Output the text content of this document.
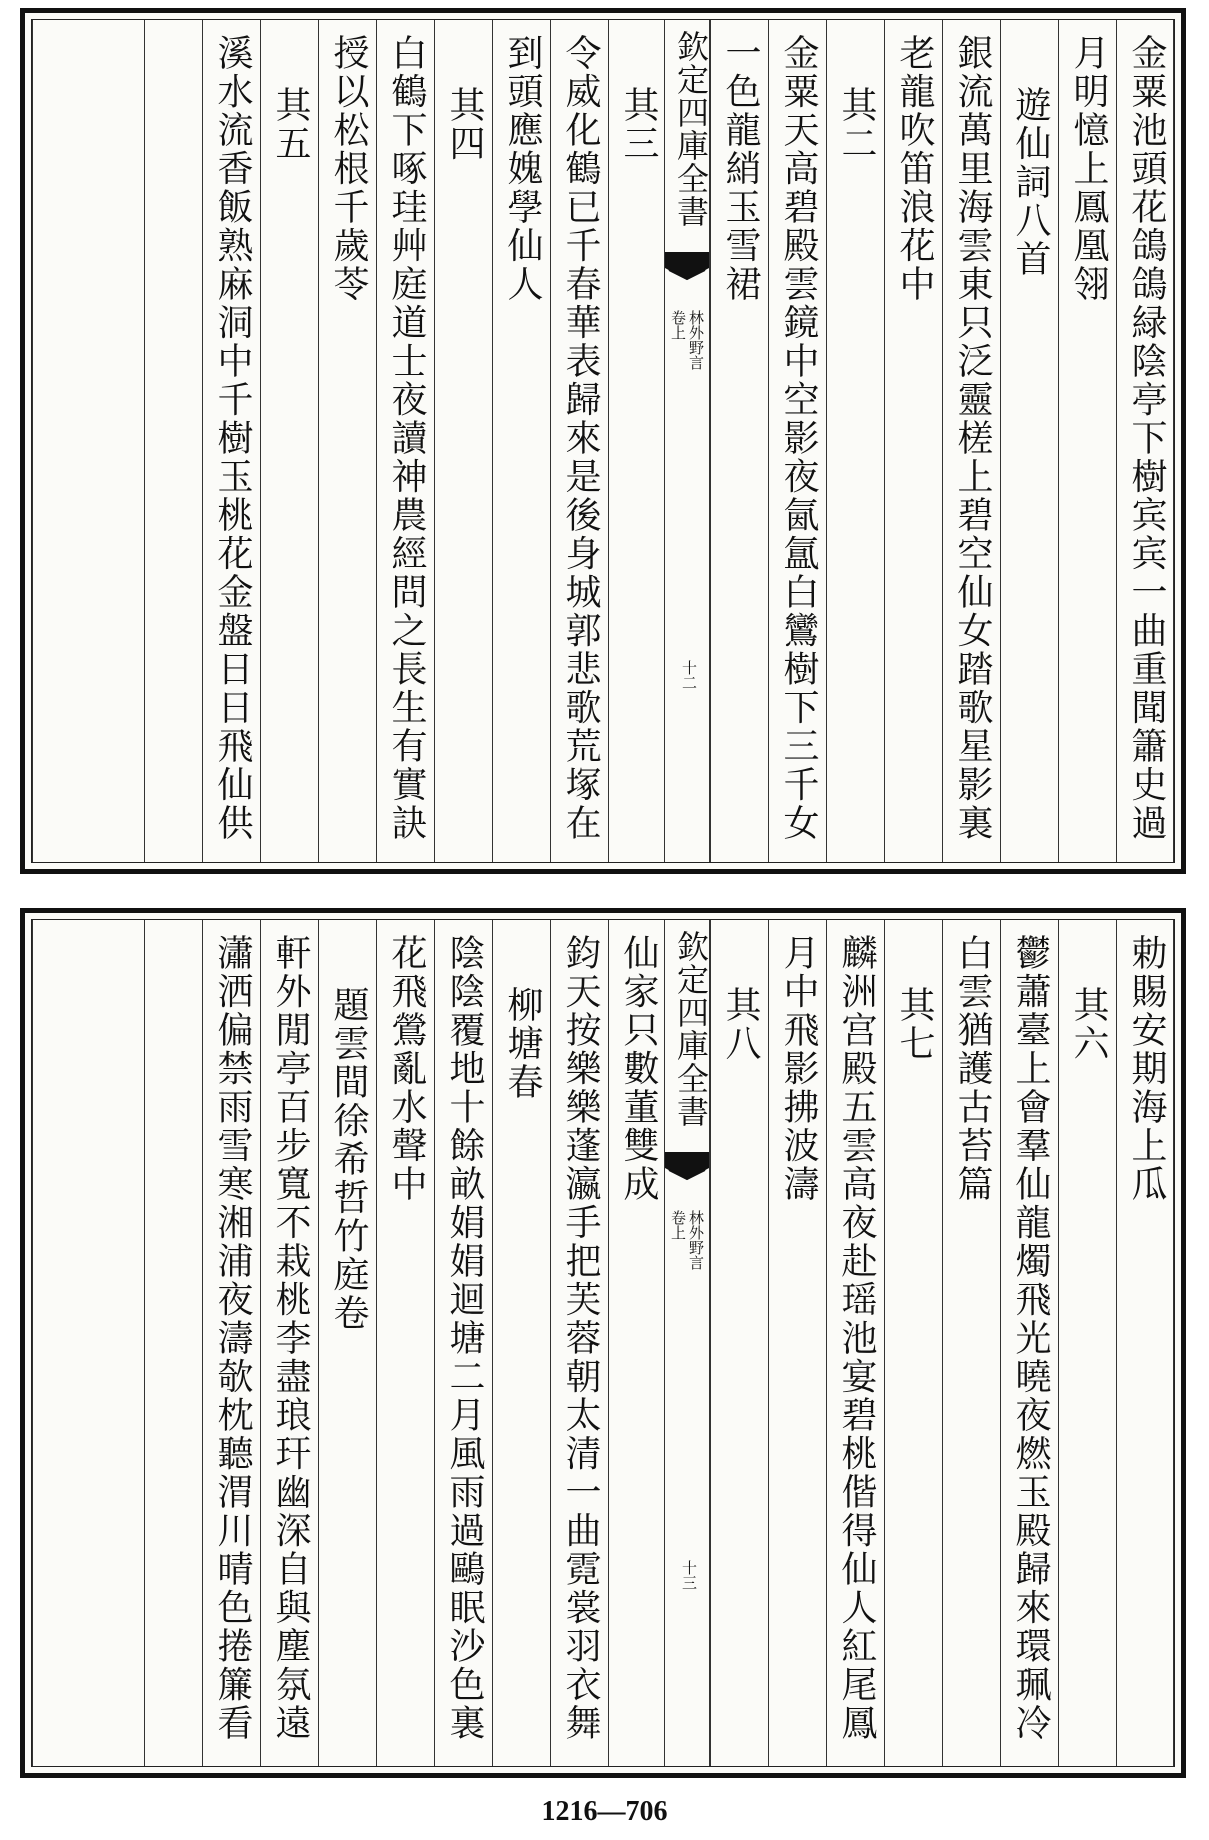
金粟池頭花鴿鴿緑陰亭下樹宾宾一曲重聞簫史過
月明憶上鳳凰翎
遊仙詞八首
銀流萬里海雲東只泛靈槎上碧空仙女踏歌星影裏
老龍吹笛浪花中
其二
金粟天高碧殿雲鏡中空影夜氤氲白鸞樹下三千女
一色龍綃玉雪裙
欽定四庫全書
林外野言
卷上
十二
其三
令威化鶴已千春華表歸來是後身城郭悲歌荒塚在
到頭應媿學仙人
其四
白鶴下啄珪艸庭道士夜讀神農經問之長生有實訣
授以松根千歲苓
其五
溪水流香飯熟麻洞中千樹玉桃花金盤日日飛仙供
勅賜安期海上瓜
其六
鬱蕭臺上會羣仙龍燭飛光曉夜燃玉殿歸來環珮冷
白雲猶護古苔篇
其七
麟洲宫殿五雲高夜赴瑶池宴碧桃偕得仙人紅尾鳳
月中飛影拂波濤
其八
欽定四庫全書
林外野言
卷上
十三
仙家只數董雙成
鈞天按樂樂蓬瀛手把芙蓉朝太清一曲霓裳羽衣舞
柳塘春
陰陰覆地十餘畝娟娟迴塘二月風雨過鷗眠沙色裏
花飛鶯亂水聲中
題雲間徐希哲竹庭卷
軒外閒亭百步寬不栽桃李盡琅玕幽深自與塵氛遠
瀟洒偏禁雨雪寒湘浦夜濤欹枕聽渭川晴色捲簾看
1216—706
